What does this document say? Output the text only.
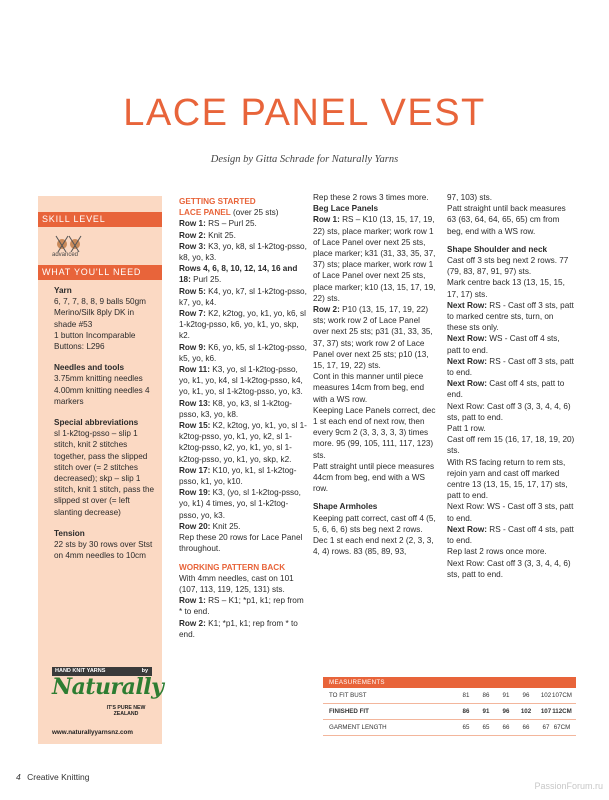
LACE PANEL VEST
Design by Gitta Schrade for Naturally Yarns
SKILL LEVEL
advanced
WHAT YOU'LL NEED
Yarn
6, 7, 7, 8, 8, 9 balls 50gm Merino/Silk 8ply DK in shade #53
1 button Incomparable Buttons: L296
Needles and tools
3.75mm knitting needles 4.00mm knitting needles 4 markers
Special abbreviations
sl 1-k2tog-psso – slip 1 stitch, knit 2 stitches together, pass the slipped stitch over (= 2 stitches decreased); skp – slip 1 stitch, knit 1 stitch, pass the slipped st over (= left slanting decrease)
Tension
22 sts by 30 rows over Stst on 4mm needles to 10cm
HAND KNIT YARNS	by
Naturally
IT'S PURE NEW ZEALAND
www.naturallyyarnsnz.com

GETTING STARTED

LACE PANEL (over 25 sts)

Row 1: RS – Purl 25.

Row 2: Knit 25.

Row 3: K3, yo, k8, sl 1-k2tog-psso, k8, yo, k3.

Rows 4, 6, 8, 10, 12, 14, 16 and 18: Purl 25.

Row 5: K4, yo, k7, sl 1-k2tog-psso, k7, yo, k4.

Row 7: K2, k2tog, yo, k1, yo, k6, sl 1-k2tog-psso, k6, yo, k1, yo, skp, k2.

Row 9: K6, yo, k5, sl 1-k2tog-psso, k5, yo, k6.

Row 11: K3, yo, sl 1-k2tog-psso, yo, k1, yo, k4, sl 1-k2tog-psso, k4, yo, k1, yo, sl 1-k2tog-psso, yo, k3.

Row 13: K8, yo, k3, sl 1-k2tog-psso, k3, yo, k8.

Row 15: K2, k2tog, yo, k1, yo, sl 1-k2tog-psso, yo, k1, yo, k2, sl 1-k2tog-psso, k2, yo, k1, yo, sl 1-k2tog-psso, yo, k1, yo, skp, k2.

Row 17: K10, yo, k1, sl 1-k2tog-psso, k1, yo, k10.

Row 19: K3, (yo, sl 1-k2tog-psso, yo, k1) 4 times, yo, sl 1-k2tog-psso, yo, k3.

Row 20: Knit 25.

Rep these 20 rows for Lace Panel throughout.

WORKING PATTERN BACK

With 4mm needles, cast on 101 (107, 113, 119, 125, 131) sts.

Row 1: RS – K1; *p1, k1; rep from * to end.

Row 2: K1; *p1, k1; rep from * to end.

Rep these 2 rows 3 times more.

Beg Lace Panels

Row 1: RS – K10 (13, 15, 17, 19, 22) sts, place marker; work row 1 of Lace Panel over next 25 sts, place marker; k31 (31, 33, 35, 37, 37) sts; place marker, work row 1 of Lace Panel over next 25 sts, place marker; k10 (13, 15, 17, 19, 22) sts.

Row 2: P10 (13, 15, 17, 19, 22) sts; work row 2 of Lace Panel over next 25 sts; p31 (31, 33, 35, 37, 37) sts; work row 2 of Lace Panel over next 25 sts; p10 (13, 15, 17, 19, 22) sts.

Cont in this manner until piece measures 14cm from beg, end with a WS row.

Keeping Lace Panels correct, dec 1 st each end of next row, then every 9cm 2 (3, 3, 3, 3, 3) times more. 95 (99, 105, 111, 117, 123) sts.

Patt straight until piece measures 44cm from beg, end with a WS row.

Shape Armholes

Keeping patt correct, cast off 4 (5, 5, 6, 6, 6) sts beg next 2 rows.

Dec 1 st each end next 2 (2, 3, 3, 4, 4) rows. 83 (85, 89, 93,

97, 103) sts.

Patt straight until back measures 63 (63, 64, 64, 65, 65) cm from beg, end with a WS row.

Shape Shoulder and neck

Cast off 3 sts beg next 2 rows. 77 (79, 83, 87, 91, 97) sts.

Mark centre back 13 (13, 15, 15, 17, 17) sts.

Next Row: RS - Cast off 3 sts, patt to marked centre sts, turn, on these sts only.

Next Row: WS - Cast off 4 sts, patt to end.

Next Row: RS - Cast off 3 sts, patt to end.

Next Row: Cast off 4 sts, patt to end.

Next Row: Cast off 3 (3, 3, 4, 4, 6) sts, patt to end.

Patt 1 row.

Cast off rem 15 (16, 17, 18, 19, 20) sts.

With RS facing return to rem sts, rejoin yarn and cast off marked centre 13 (13, 15, 15, 17, 17) sts, patt to end.

Next Row: WS - Cast off 3 sts, patt to end.

Next Row: RS - Cast off 4 sts, patt to end.

Rep last 2 rows once more.

Next Row: Cast off 3 (3, 3, 4, 4, 6) sts, patt to end.

MEASUREMENTS
TO FIT BUST	81	86	91	96	102 107CM
FINISHED FIT	86	91	96	102	107 112CM
GARMENT LENGTH	65	65	66	66	67 67CM
4 Creative Knitting
PassionForum.ru
